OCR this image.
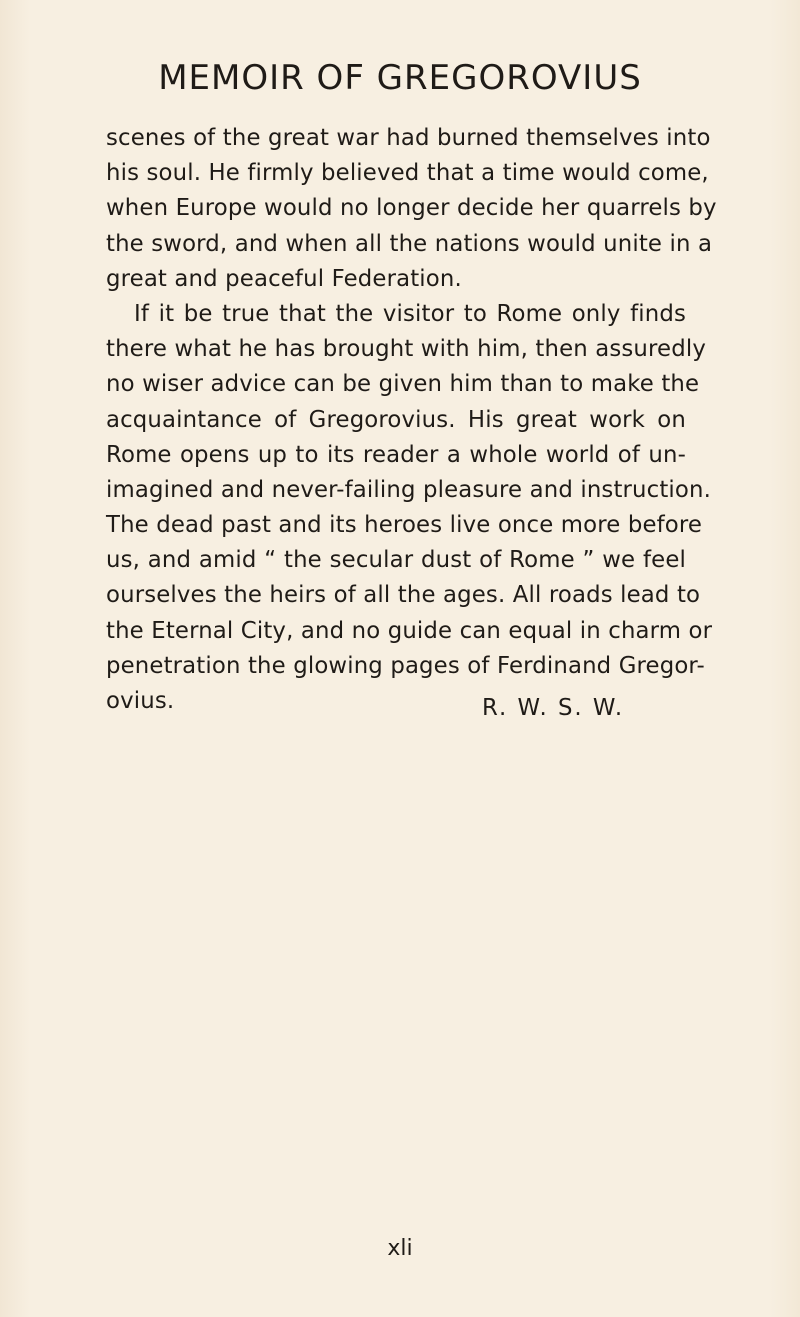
MEMOIR OF GREGOROVIUS
scenes of the great war had burned themselves into
his soul. He firmly believed that a time would come,
when Europe would no longer decide her quarrels by
the sword, and when all the nations would unite in a
great and peaceful Federation.
If it be true that the visitor to Rome only finds
there what he has brought with him, then assuredly
no wiser advice can be given him than to make the
acquaintance of Gregorovius. His great work on
Rome opens up to its reader a whole world of un-
imagined and never-failing pleasure and instruction.
The dead past and its heroes live once more before
us, and amid “ the secular dust of Rome ” we feel
ourselves the heirs of all the ages. All roads lead to
the Eternal City, and no guide can equal in charm or
penetration the glowing pages of Ferdinand Gregor-
ovius.	R. W. S. W.
xli
